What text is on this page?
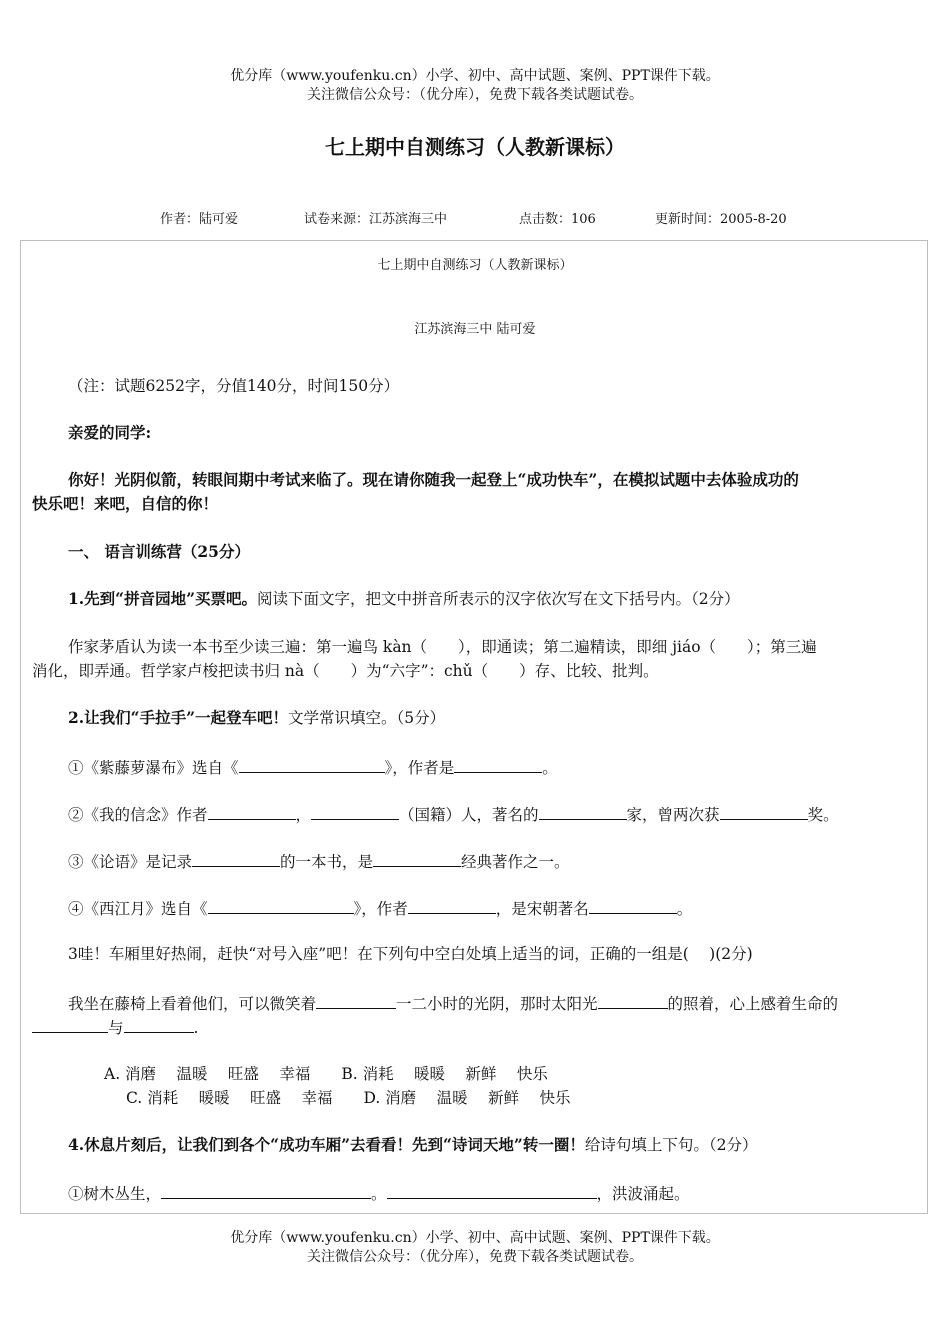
优分库（www.youfenku.cn）小学、初中、高中试题、案例、PPT课件下载。
关注微信公众号：（优分库），免费下载各类试题试卷。
七上期中自测练习（人教新课标）
作者：陆可爱	试卷来源：江苏滨海三中	点击数：106	更新时间：2005-8-20
七上期中自测练习（人教新课标）
江苏滨海三中 陆可爱
（注：试题6252字，分值140分，时间150分）
亲爱的同学:
你好！光阴似箭，转眼间期中考试来临了。现在请你随我一起登上“成功快车”，在模拟试题中去体验成功的
快乐吧！来吧，自信的你！
一、 语言训练营（25分）
1.先到“拼音园地”买票吧。阅读下面文字，把文中拼音所表示的汉字依次写在文下括号内。（2分）
作家茅盾认为读一本书至少读三遍：第一遍鸟 kàn（　　），即通读；第二遍精读，即细 jiáo（　　）；第三遍
消化，即弄通。哲学家卢梭把读书归 nà（　　）为“六字”：chǔ（　　）存、比较、批判。
2.让我们“手拉手”一起登车吧！文学常识填空。（5分）
①《紫藤萝瀑布》选自《	》，作者是	。
②《我的信念》作者	，	（国籍）人，著名的	家，曾两次获	奖。
③《论语》是记录	的一本书，是	经典著作之一。
④《西江月》选自《	》，作者	，是宋朝著名	。
3哇！车厢里好热闹，赶快“对号入座”吧！在下列句中空白处填上适当的词，正确的一组是(　 )(2分)
我坐在藤椅上看着他们，可以微笑着	一二小时的光阴，那时太阳光	的照着，心上感着生命的
与	.
A. 消磨　 温暖　 旺盛　 幸福　　B. 消耗　 暖暖　 新鲜　 快乐
C. 消耗　 暖暖　 旺盛　 幸福　　D. 消磨　 温暖　 新鲜　 快乐
4.休息片刻后，让我们到各个“成功车厢”去看看！先到“诗词天地”转一圈！给诗句填上下句。（2分）
①树木丛生，	。	，洪波涌起。
优分库（www.youfenku.cn）小学、初中、高中试题、案例、PPT课件下载。
关注微信公众号：（优分库），免费下载各类试题试卷。
